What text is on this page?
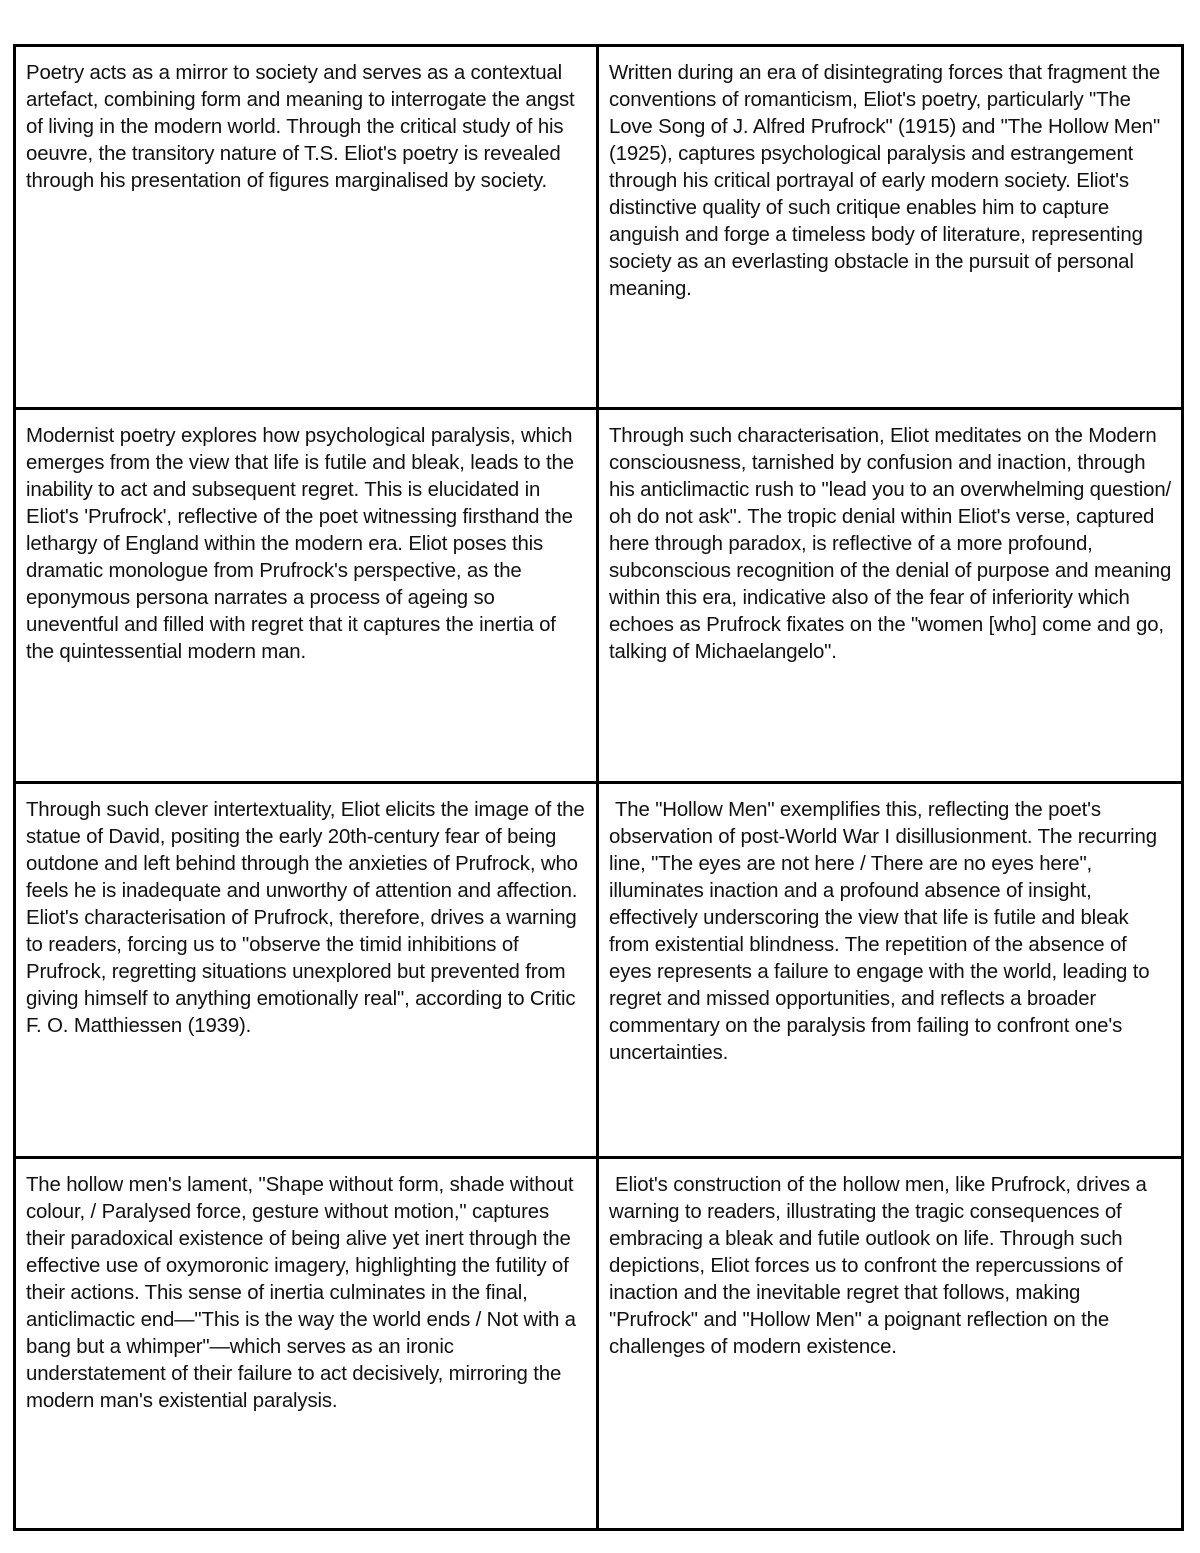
Poetry acts as a mirror to society and serves as a contextual artefact, combining form and meaning to interrogate the angst of living in the modern world. Through the critical study of his oeuvre, the transitory nature of T.S. Eliot's poetry is revealed through his presentation of figures marginalised by society.
Written during an era of disintegrating forces that fragment the conventions of romanticism, Eliot's poetry, particularly "The Love Song of J. Alfred Prufrock" (1915) and "The Hollow Men" (1925), captures psychological paralysis and estrangement through his critical portrayal of early modern society. Eliot's distinctive quality of such critique enables him to capture anguish and forge a timeless body of literature, representing society as an everlasting obstacle in the pursuit of personal meaning.
Modernist poetry explores how psychological paralysis, which emerges from the view that life is futile and bleak, leads to the inability to act and subsequent regret. This is elucidated in Eliot's 'Prufrock', reflective of the poet witnessing firsthand the lethargy of England within the modern era. Eliot poses this dramatic monologue from Prufrock's perspective, as the eponymous persona narrates a process of ageing so uneventful and filled with regret that it captures the inertia of the quintessential modern man.
Through such characterisation, Eliot meditates on the Modern consciousness, tarnished by confusion and inaction, through his anticlimactic rush to "lead you to an overwhelming question/ oh do not ask". The tropic denial within Eliot's verse, captured here through paradox, is reflective of a more profound, subconscious recognition of the denial of purpose and meaning within this era, indicative also of the fear of inferiority which echoes as Prufrock fixates on the "women [who] come and go, talking of Michaelangelo".
Through such clever intertextuality, Eliot elicits the image of the statue of David, positing the early 20th-century fear of being outdone and left behind through the anxieties of Prufrock, who feels he is inadequate and unworthy of attention and affection. Eliot's characterisation of Prufrock, therefore, drives a warning to readers, forcing us to "observe the timid inhibitions of Prufrock, regretting situations unexplored but prevented from giving himself to anything emotionally real", according to Critic F. O. Matthiessen (1939).
The "Hollow Men" exemplifies this, reflecting the poet's observation of post-World War I disillusionment. The recurring line, "The eyes are not here / There are no eyes here", illuminates inaction and a profound absence of insight, effectively underscoring the view that life is futile and bleak from existential blindness. The repetition of the absence of eyes represents a failure to engage with the world, leading to regret and missed opportunities, and reflects a broader commentary on the paralysis from failing to confront one's uncertainties.
The hollow men's lament, "Shape without form, shade without colour, / Paralysed force, gesture without motion," captures their paradoxical existence of being alive yet inert through the effective use of oxymoronic imagery, highlighting the futility of their actions. This sense of inertia culminates in the final, anticlimactic end—"This is the way the world ends / Not with a bang but a whimper"—which serves as an ironic understatement of their failure to act decisively, mirroring the modern man's existential paralysis.
Eliot's construction of the hollow men, like Prufrock, drives a warning to readers, illustrating the tragic consequences of embracing a bleak and futile outlook on life. Through such depictions, Eliot forces us to confront the repercussions of inaction and the inevitable regret that follows, making "Prufrock" and "Hollow Men" a poignant reflection on the challenges of modern existence.
